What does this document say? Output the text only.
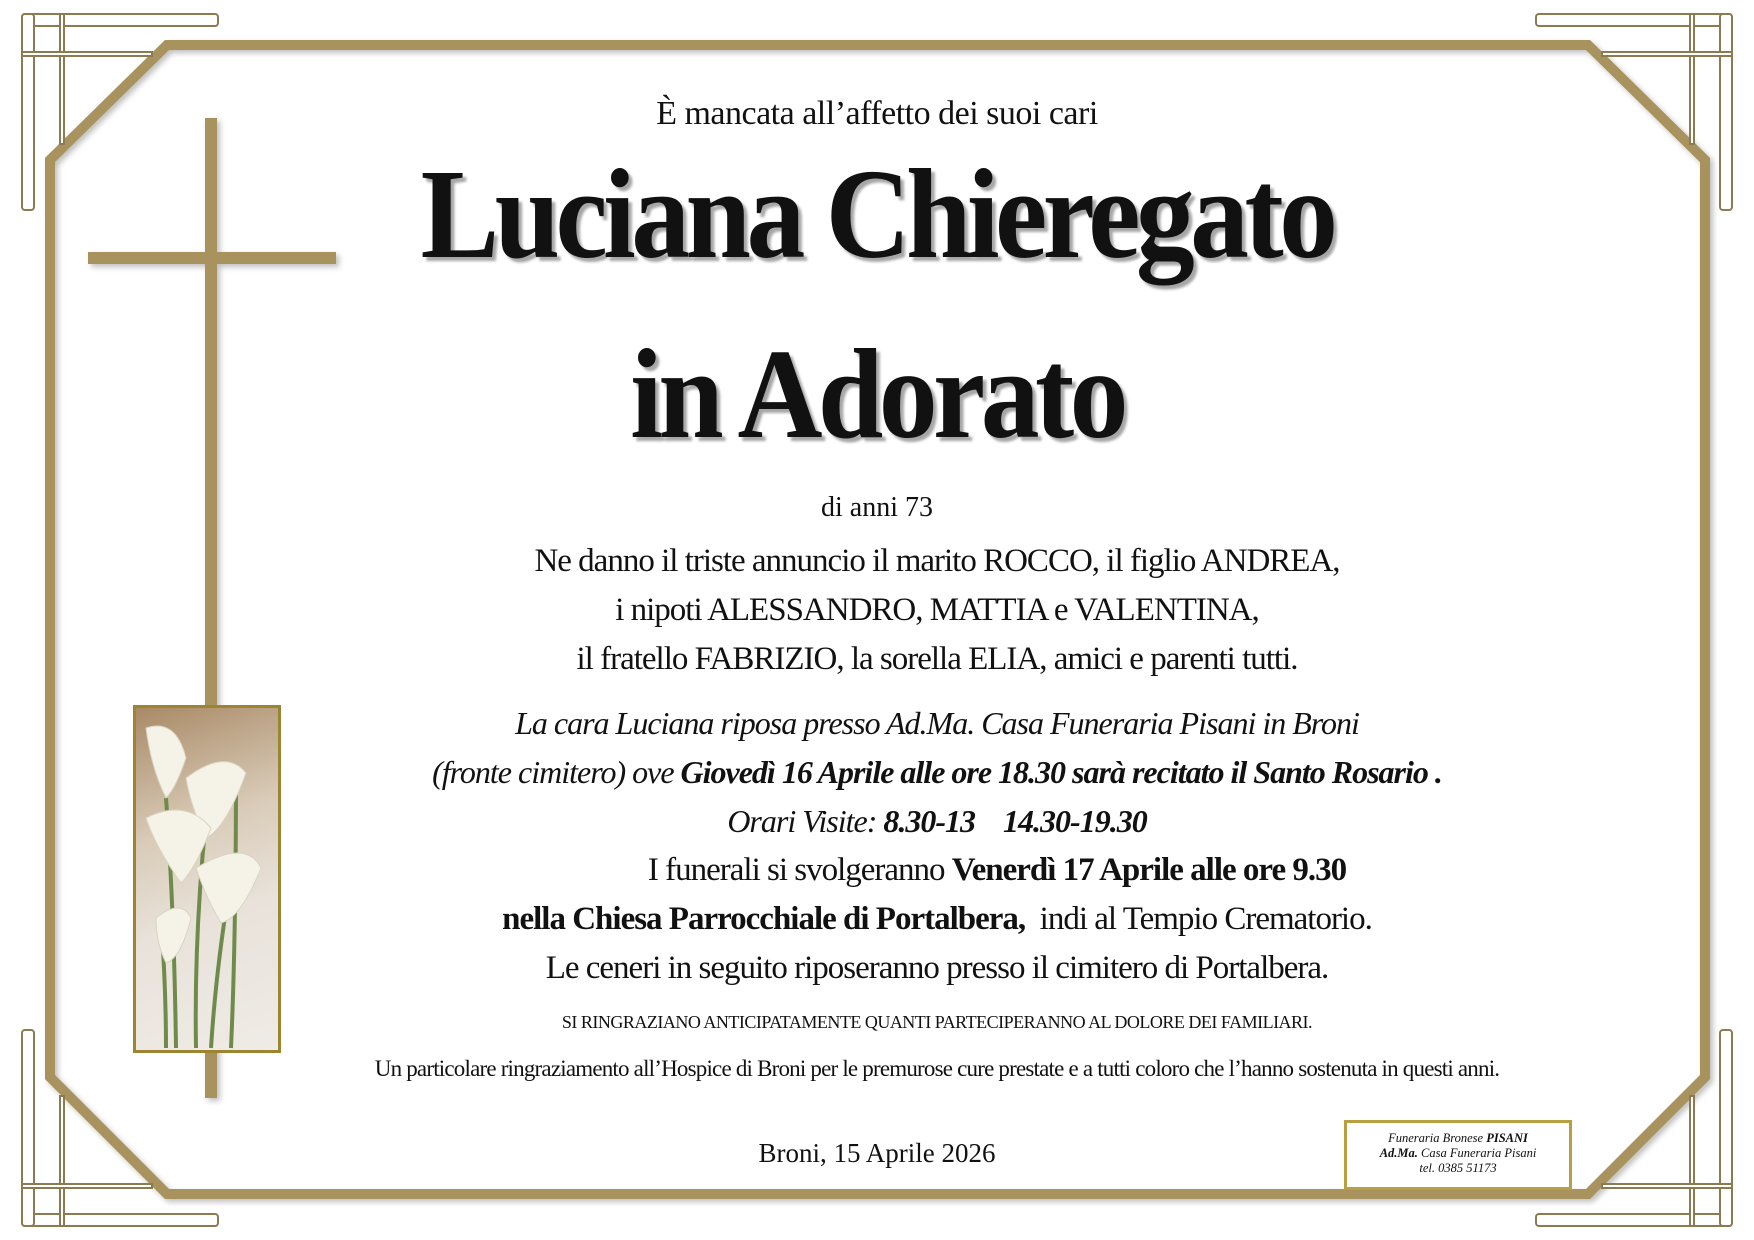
È mancata all’affetto dei suoi cari
Luciana Chieregato
in Adorato
di anni 73
Ne danno il triste annuncio il marito ROCCO, il figlio ANDREA,
i nipoti ALESSANDRO, MATTIA e VALENTINA,
il fratello FABRIZIO, la sorella ELIA, amici e parenti tutti.
La cara Luciana riposa presso Ad.Ma. Casa Funeraria Pisani in Broni
(fronte cimitero) ove Giovedì 16 Aprile alle ore 18.30 sarà recitato il Santo Rosario .
Orari Visite: 8.30-13    14.30-19.30
I funerali si svolgeranno Venerdì 17 Aprile alle ore 9.30
nella Chiesa Parrocchiale di Portalbera,  indi al Tempio Crematorio.
Le ceneri in seguito riposeranno presso il cimitero di Portalbera.
SI RINGRAZIANO ANTICIPATAMENTE QUANTI PARTECIPERANNO AL DOLORE DEI FAMILIARI.
Un particolare ringraziamento all’Hospice di Broni per le premurose cure prestate e a tutti coloro che l’hanno sostenuta in questi anni.
Broni, 15 Aprile 2026	Funeraria Bronese PISANI
Ad.Ma. Casa Funeraria Pisani
tel. 0385 51173
